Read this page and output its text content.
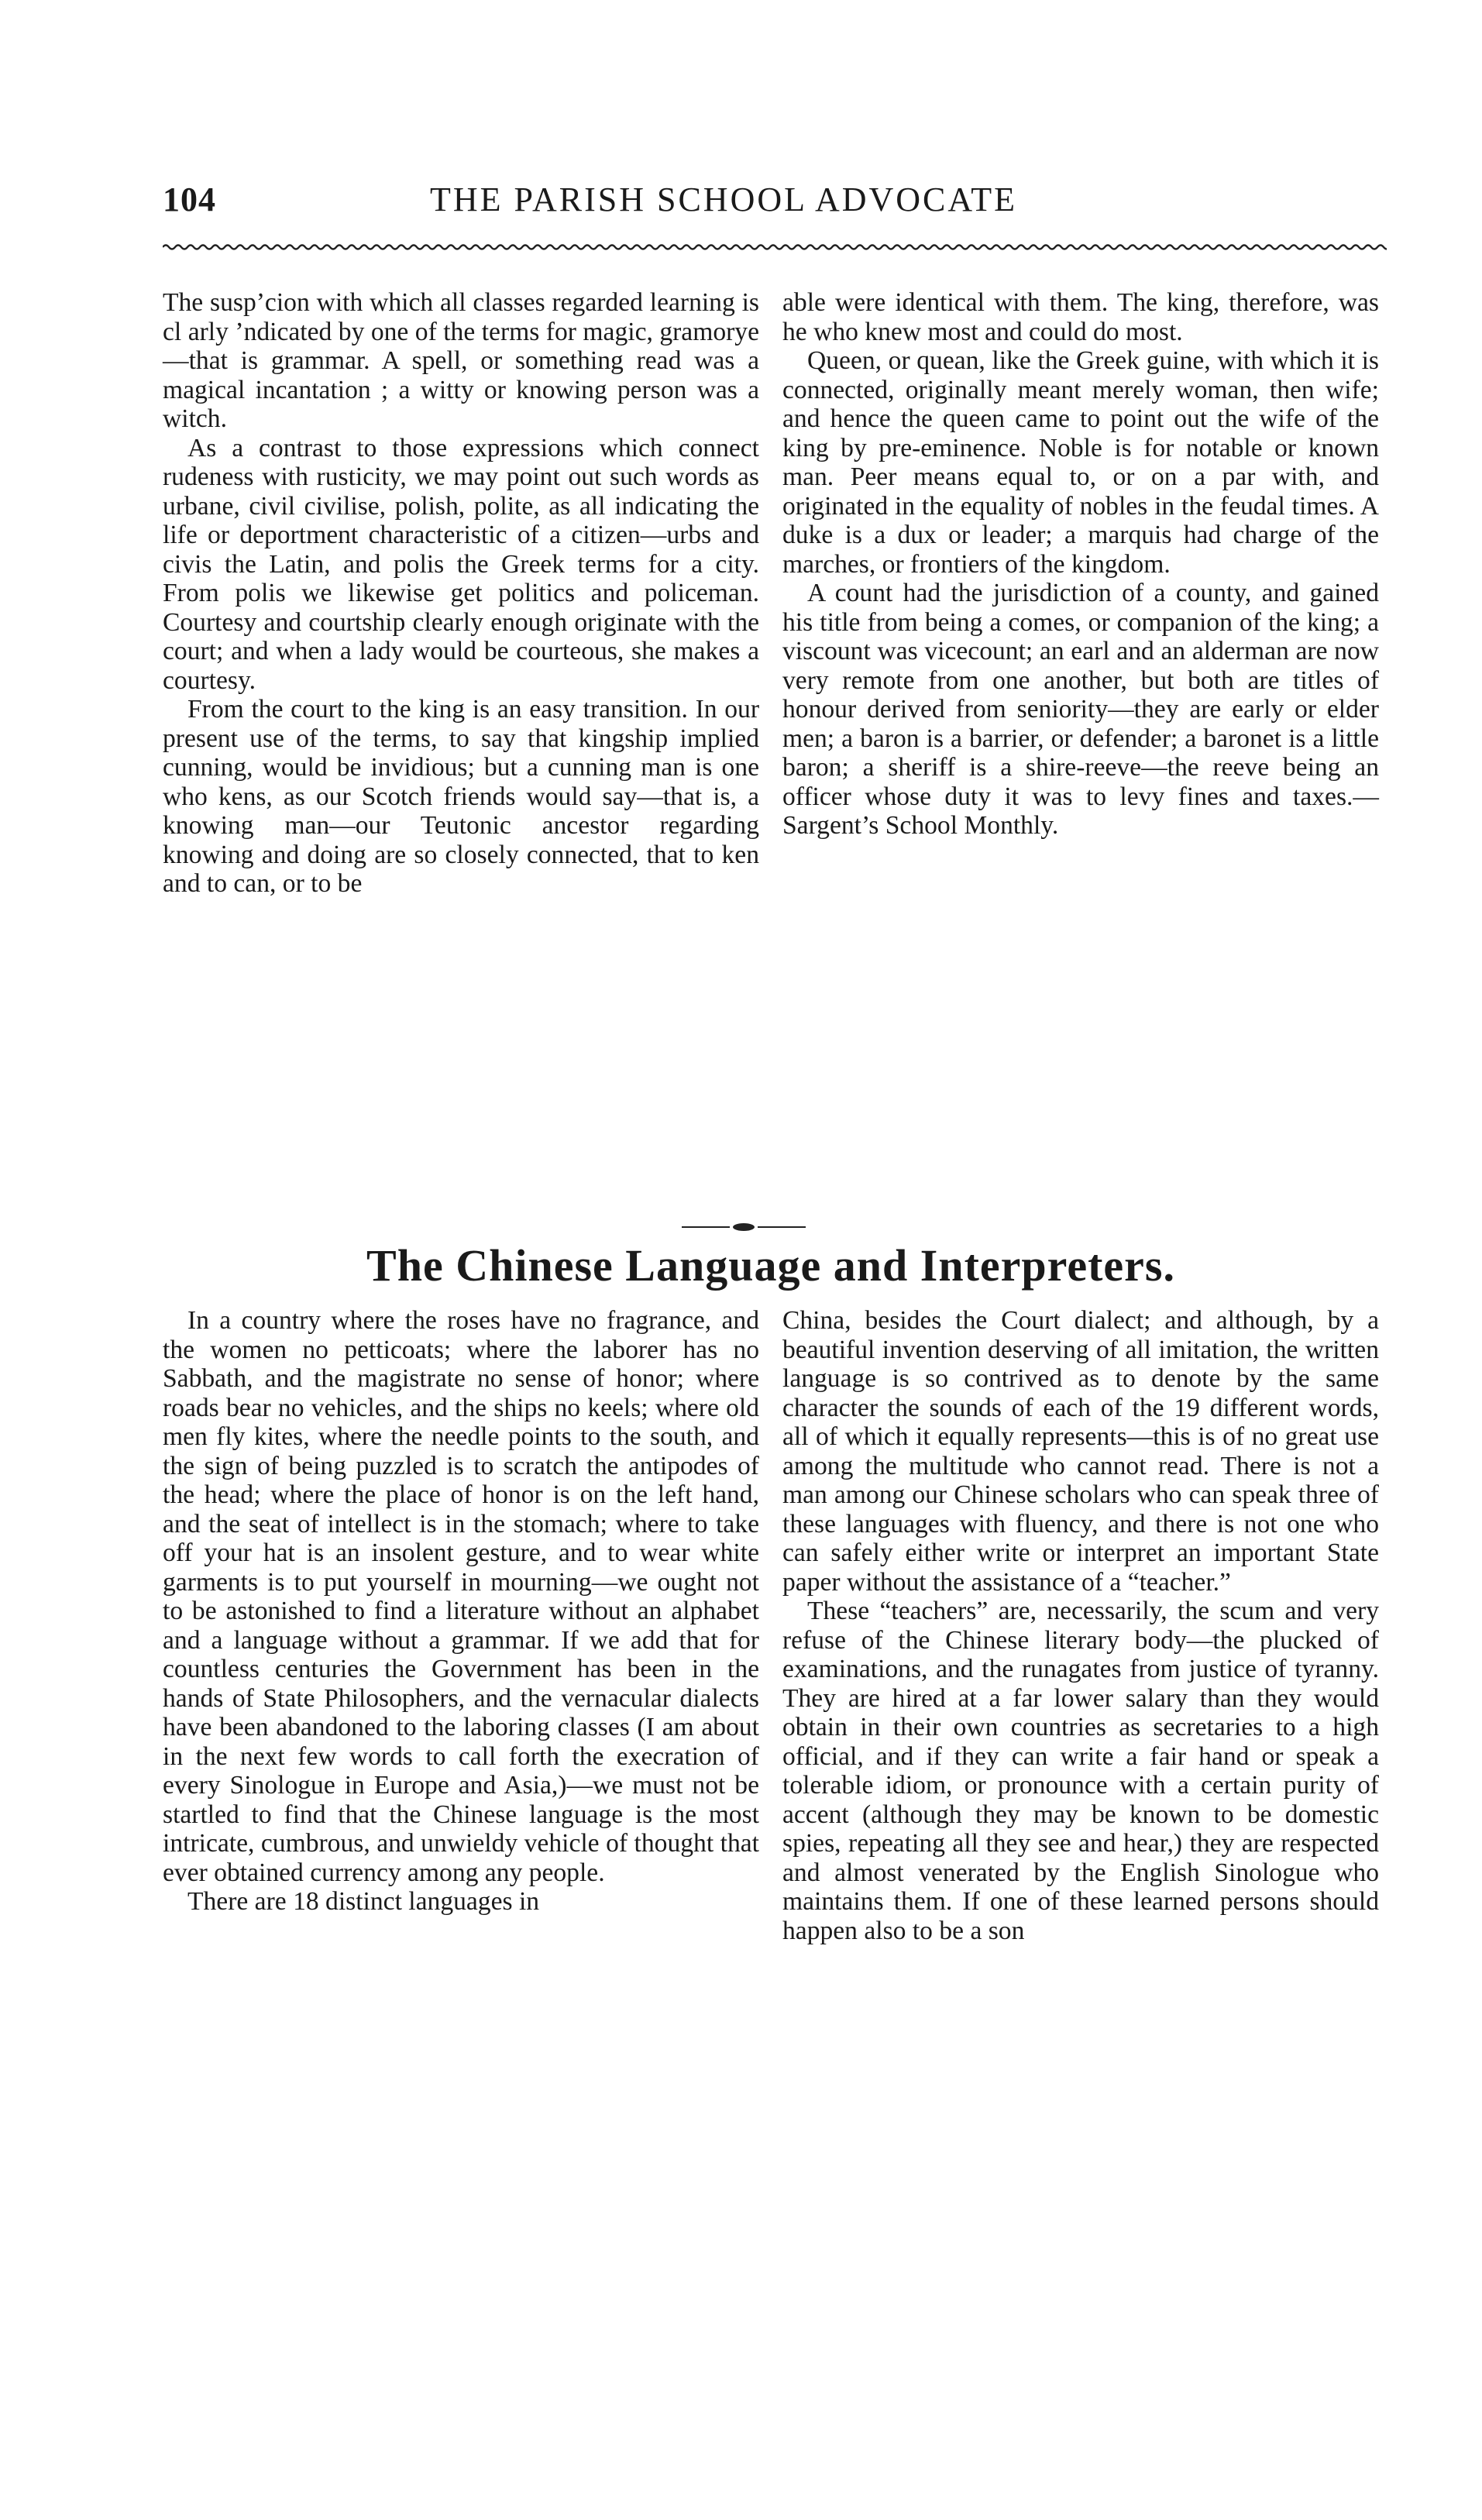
104	THE PARISH SCHOOL ADVOCATE

The susp’cion with which all classes regarded learning is cl arly ’ndicated by one of the terms for magic, gramorye—that is grammar. A spell, or something read was a magical incantation ; a witty or knowing person was a witch.

As a contrast to those expressions which connect rudeness with rusticity, we may point out such words as urbane, civil civilise, polish, polite, as all indicating the life or deportment characteristic of a citizen—urbs and civis the Latin, and polis the Greek terms for a city. From polis we likewise get politics and policeman. Courtesy and courtship clearly enough originate with the court; and when a lady would be courteous, she makes a courtesy.

From the court to the king is an easy transition. In our present use of the terms, to say that kingship implied cunning, would be invidious; but a cunning man is one who kens, as our Scotch friends would say—that is, a knowing man—our Teutonic ancestor regarding knowing and doing are so closely connected, that to ken and to can, or to be

able were identical with them. The king, therefore, was he who knew most and could do most.

Queen, or quean, like the Greek guine, with which it is connected, originally meant merely woman, then wife; and hence the queen came to point out the wife of the king by pre-eminence. Noble is for notable or known man. Peer means equal to, or on a par with, and originated in the equality of nobles in the feudal times. A duke is a dux or leader; a marquis had charge of the marches, or frontiers of the kingdom.

A count had the jurisdiction of a county, and gained his title from being a comes, or companion of the king; a viscount was vicecount; an earl and an alderman are now very remote from one another, but both are titles of honour derived from seniority—they are early or elder men; a baron is a barrier, or defender; a baronet is a little baron; a sheriff is a shire-reeve—the reeve being an officer whose duty it was to levy fines and taxes.—Sargent’s School Monthly.

The Chinese Language and Interpreters.

In a country where the roses have no fragrance, and the women no petticoats; where the laborer has no Sabbath, and the magistrate no sense of honor; where roads bear no vehicles, and the ships no keels; where old men fly kites, where the needle points to the south, and the sign of being puzzled is to scratch the antipodes of the head; where the place of honor is on the left hand, and the seat of intellect is in the stomach; where to take off your hat is an insolent gesture, and to wear white garments is to put yourself in mourning—we ought not to be astonished to find a literature without an alphabet and a language without a grammar. If we add that for countless centuries the Government has been in the hands of State Philosophers, and the vernacular dialects have been abandoned to the laboring classes (I am about in the next few words to call forth the execration of every Sinologue in Europe and Asia,)—we must not be startled to find that the Chinese language is the most intricate, cumbrous, and unwieldy vehicle of thought that ever obtained currency among any people.

There are 18 distinct languages in

China, besides the Court dialect; and although, by a beautiful invention deserving of all imitation, the written language is so contrived as to denote by the same character the sounds of each of the 19 different words, all of which it equally represents—this is of no great use among the multitude who cannot read. There is not a man among our Chinese scholars who can speak three of these languages with fluency, and there is not one who can safely either write or interpret an important State paper without the assistance of a “teacher.”

These “teachers” are, necessarily, the scum and very refuse of the Chinese literary body—the plucked of examinations, and the runagates from justice of tyranny. They are hired at a far lower salary than they would obtain in their own countries as secretaries to a high official, and if they can write a fair hand or speak a tolerable idiom, or pronounce with a certain purity of accent (although they may be known to be domestic spies, repeating all they see and hear,) they are respected and almost venerated by the English Sinologue who maintains them. If one of these learned persons should happen also to be a son
